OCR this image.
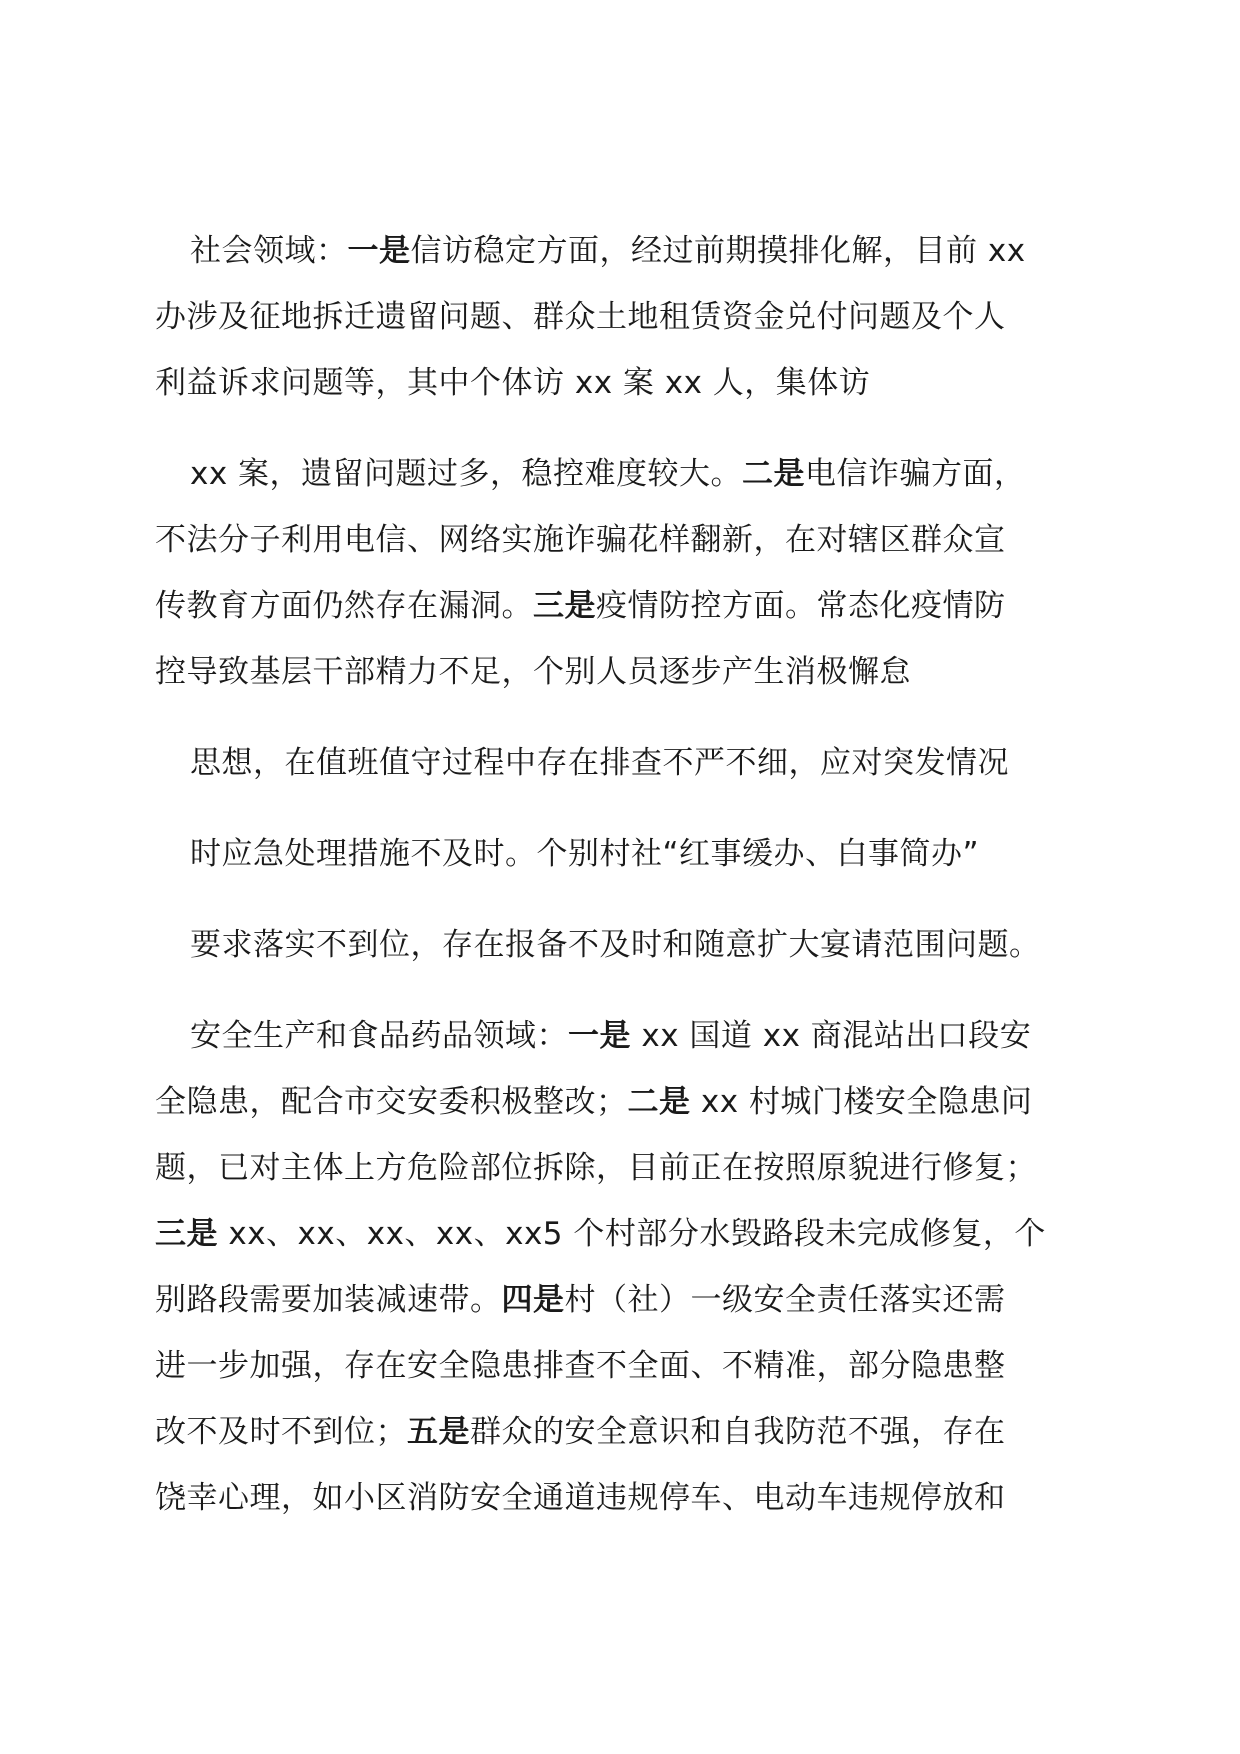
社会领域：一是信访稳定方面，经过前期摸排化解，目前 xx
办涉及征地拆迁遗留问题、群众土地租赁资金兑付问题及个人
利益诉求问题等，其中个体访 xx 案 xx 人，集体访

xx 案，遗留问题过多，稳控难度较大。二是电信诈骗方面，
不法分子利用电信、网络实施诈骗花样翻新，在对辖区群众宣
传教育方面仍然存在漏洞。三是疫情防控方面。常态化疫情防
控导致基层干部精力不足，个别人员逐步产生消极懈怠

思想，在值班值守过程中存在排查不严不细，应对突发情况

时应急处理措施不及时。个别村社“红事缓办、白事简办”

要求落实不到位，存在报备不及时和随意扩大宴请范围问题。

安全生产和食品药品领域：一是 xx 国道 xx 商混站出口段安
全隐患，配合市交安委积极整改；二是 xx 村城门楼安全隐患问
题，已对主体上方危险部位拆除，目前正在按照原貌进行修复；
三是 xx、xx、xx、xx、xx5 个村部分水毁路段未完成修复，个
别路段需要加装减速带。四是村（社）一级安全责任落实还需
进一步加强，存在安全隐患排查不全面、不精准，部分隐患整
改不及时不到位；五是群众的安全意识和自我防范不强，存在
饶幸心理，如小区消防安全通道违规停车、电动车违规停放和
